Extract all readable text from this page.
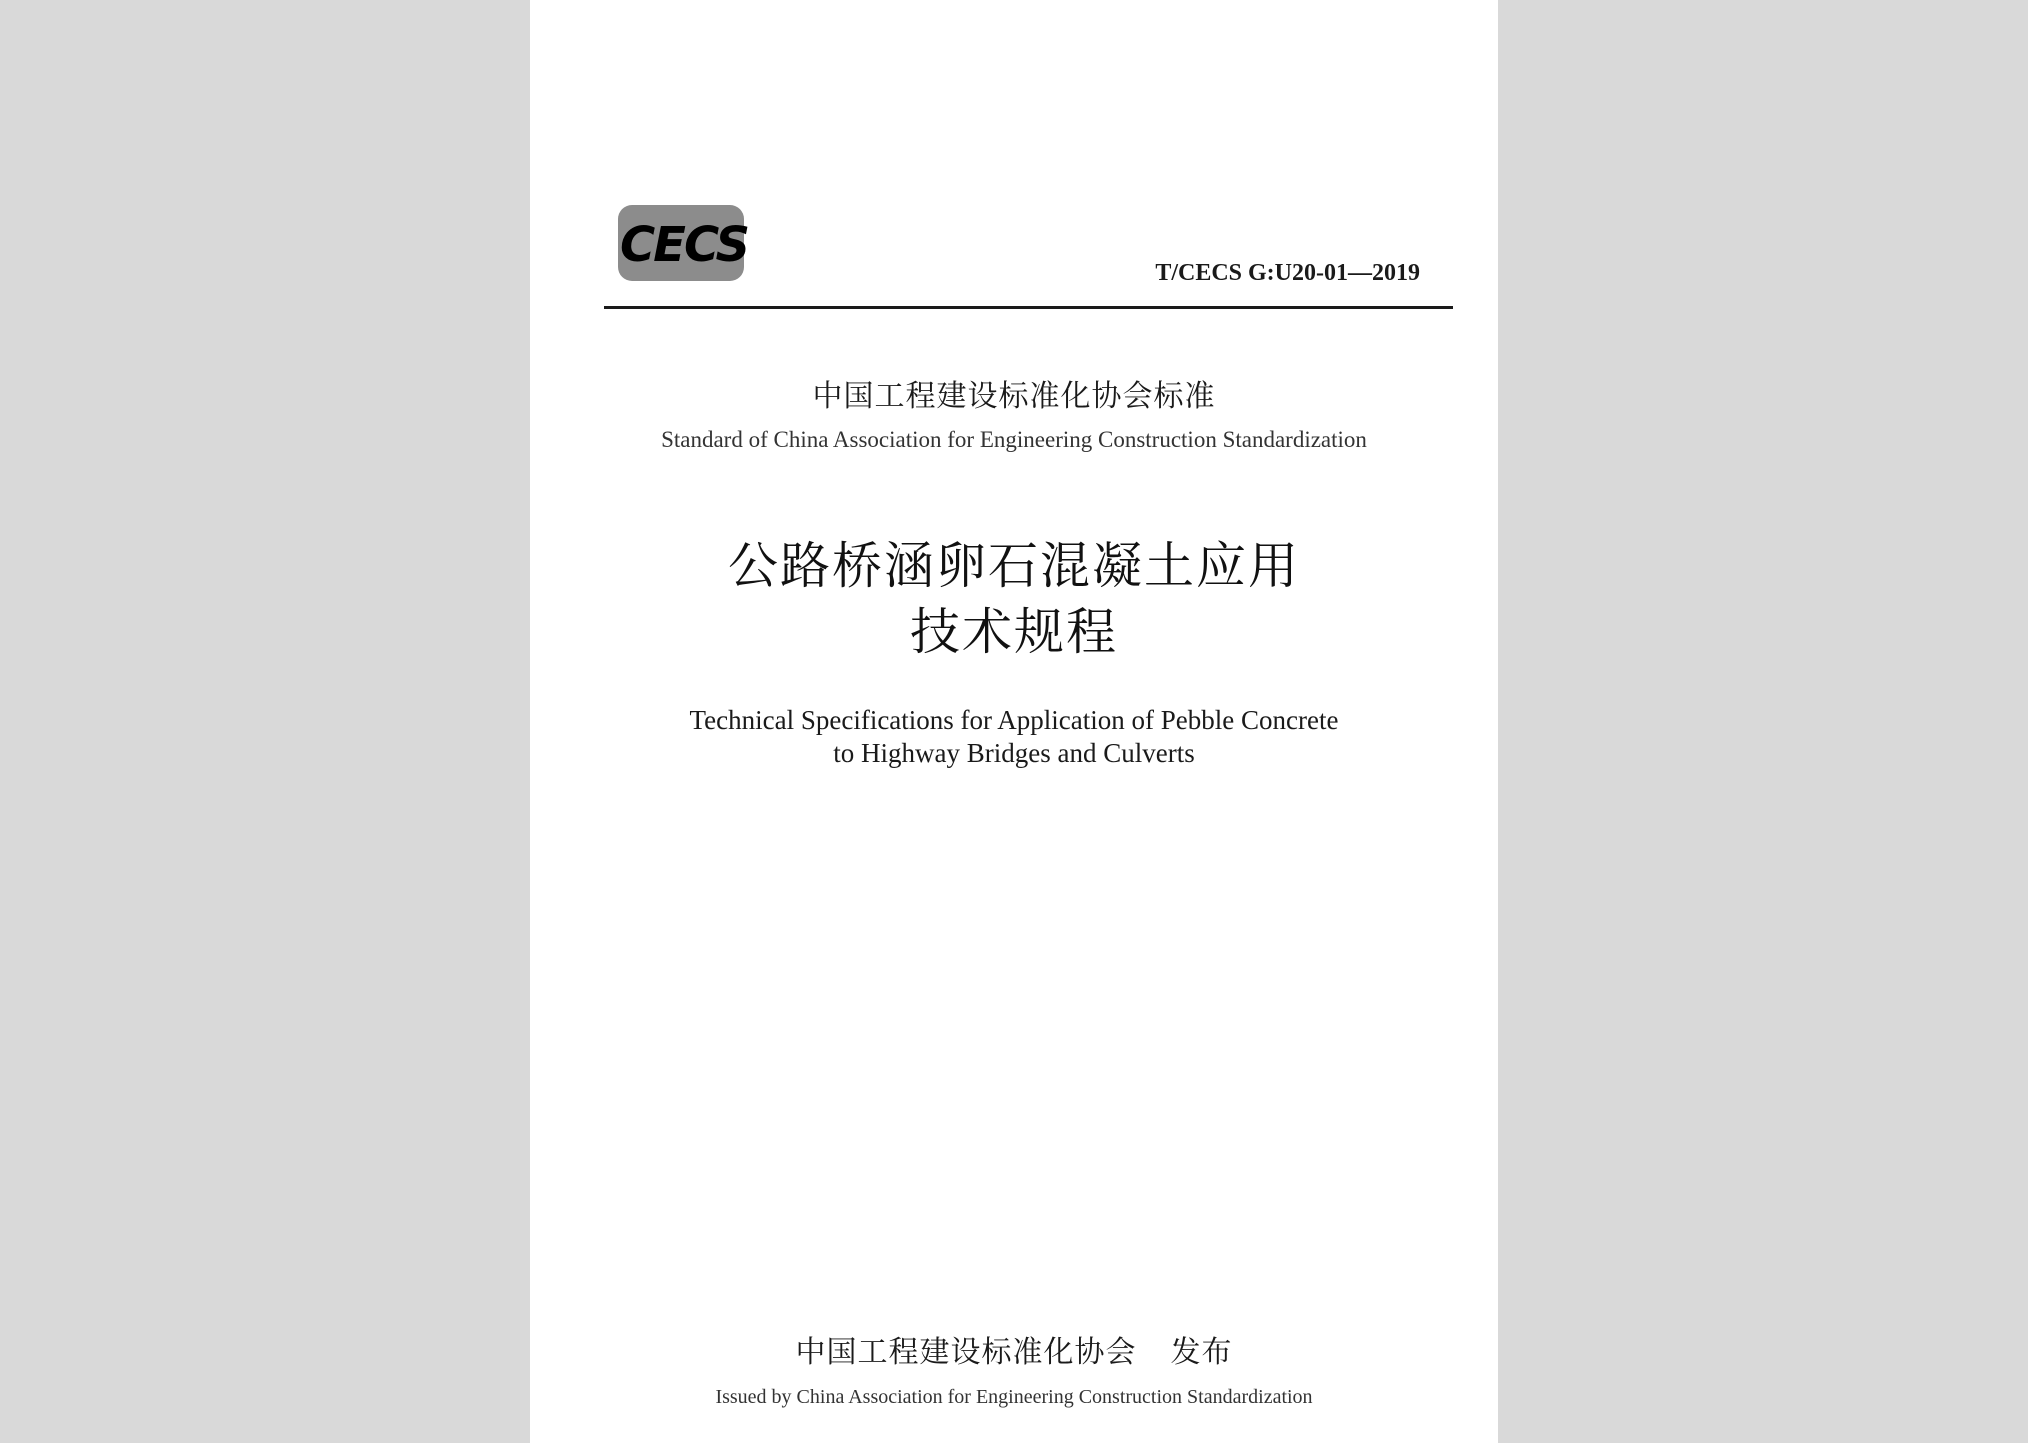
CECS	T/CECS G:U20-01—2019
中国工程建设标准化协会标准
Standard of China Association for Engineering Construction Standardization
公路桥涵卵石混凝土应用
技术规程
Technical Specifications for Application of Pebble Concrete
to Highway Bridges and Culverts
中国工程建设标准化协会 发布
Issued by China Association for Engineering Construction Standardization
